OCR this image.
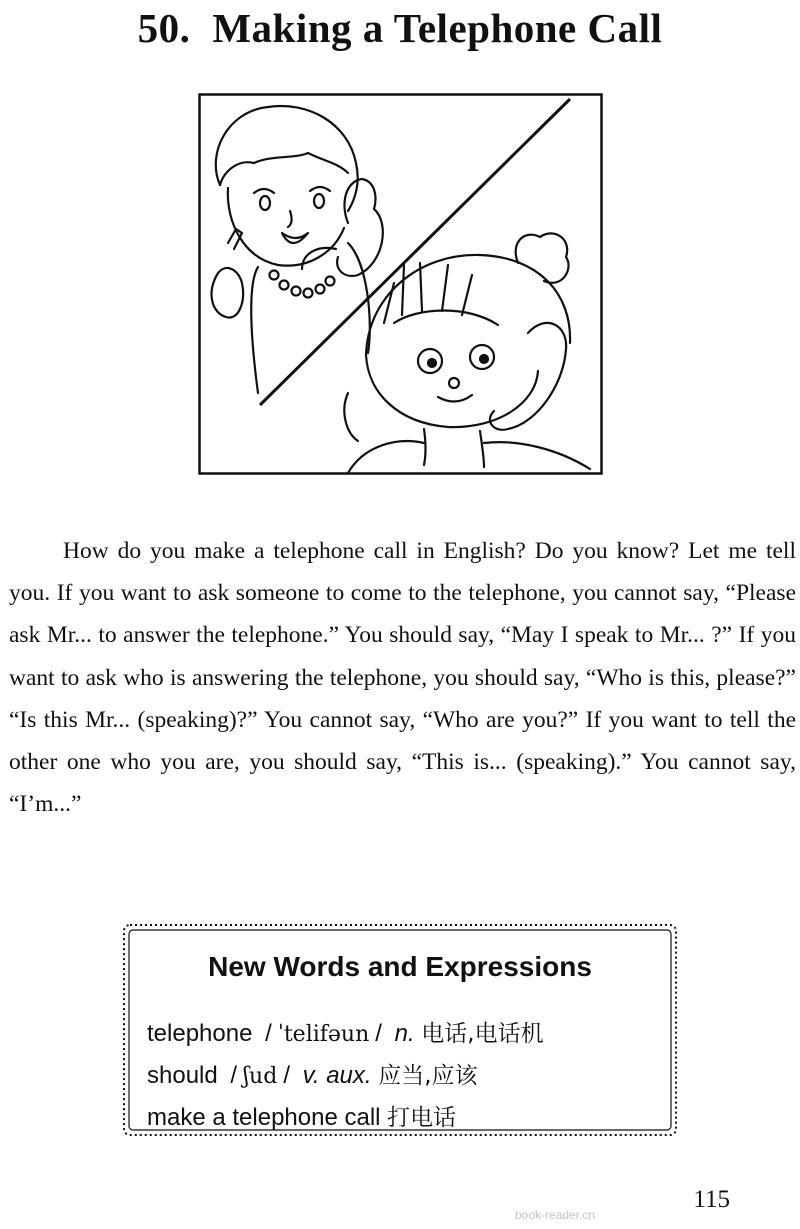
50. Making a Telephone Call

How do you make a telephone call in English? Do you know? Let me tell you. If you want to ask someone to come to the telephone, you cannot say, “Please ask Mr... to answer the telephone.” You should say, “May I speak to Mr... ?” If you want to ask who is answering the telephone, you should say, “Who is this, please?” “Is this Mr... (speaking)?” You cannot say, “Who are you?” If you want to tell the other one who you are, you should say, “This is... (speaking).” You cannot say, “I’m...”

New Words and Expressions
telephone / ˈtelifəun / n. 电话,电话机
should / ʃud / v. aux. 应当,应该
make a telephone call 打电话
115
book-reader.cn
